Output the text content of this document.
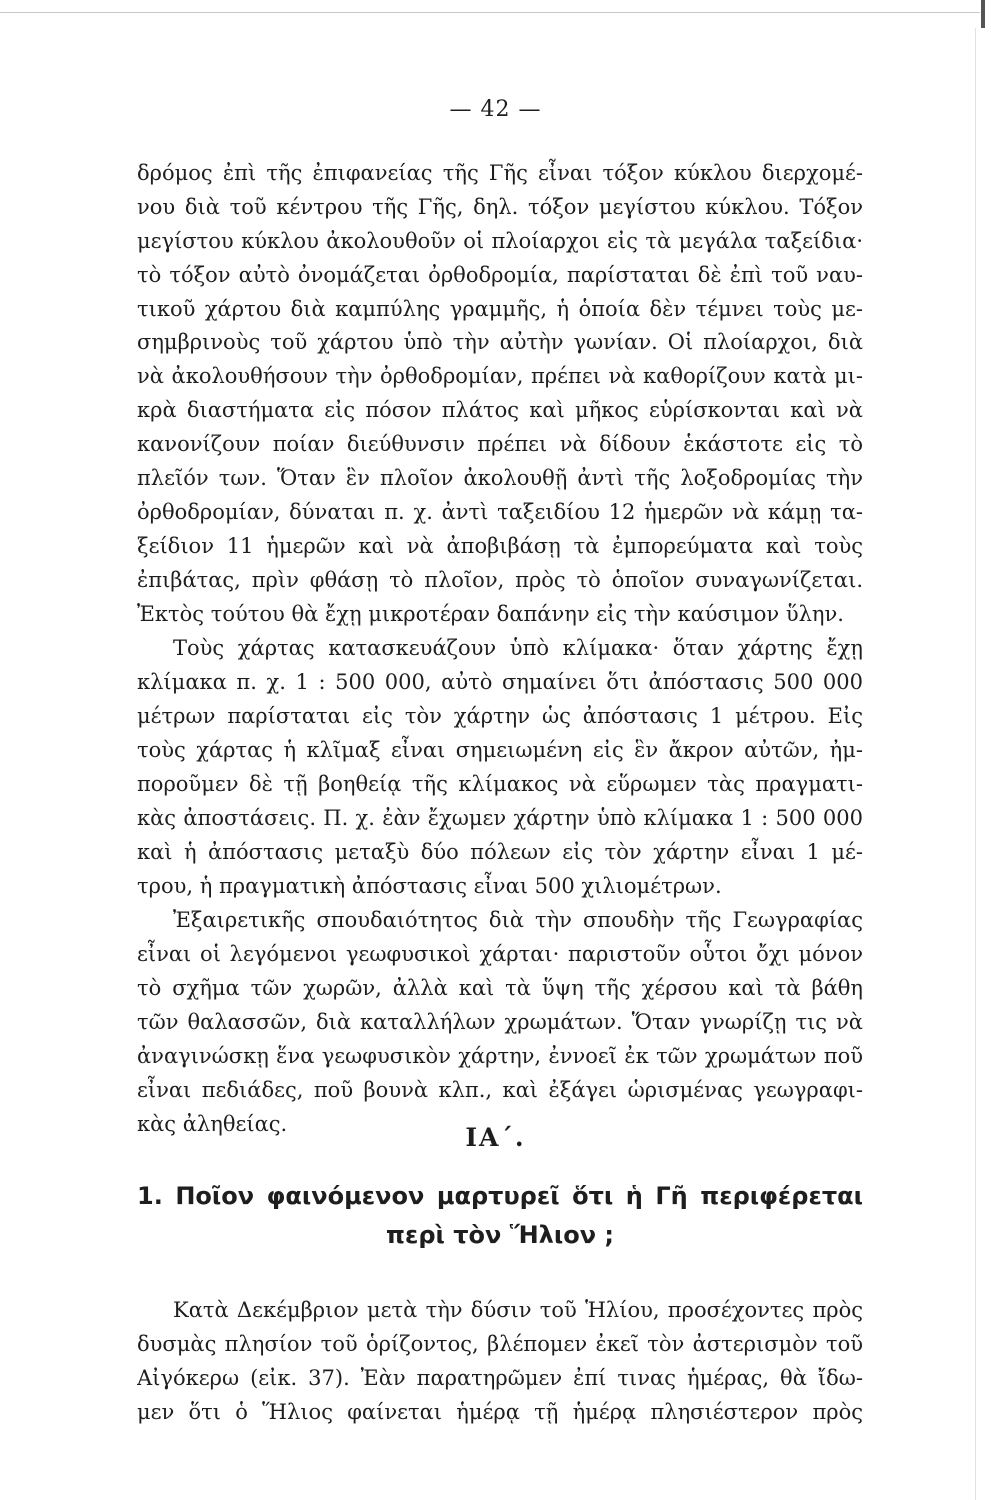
— 42 —
δρόμος ἐπὶ τῆς ἐπιφανείας τῆς Γῆς εἶναι τόξον κύκλου διερχομέ-
νου διὰ τοῦ κέντρου τῆς Γῆς, δηλ. τόξον μεγίστου κύκλου. Τόξον
μεγίστου κύκλου ἀκολουθοῦν οἱ πλοίαρχοι εἰς τὰ μεγάλα ταξείδια·
τὸ τόξον αὐτὸ ὀνομάζεται ὀρθοδρομία, παρίσταται δὲ ἐπὶ τοῦ ναυ-
τικοῦ χάρτου διὰ καμπύλης γραμμῆς, ἡ ὁποία δὲν τέμνει τοὺς με-
σημβρινοὺς τοῦ χάρτου ὑπὸ τὴν αὐτὴν γωνίαν. Οἱ πλοίαρχοι, διὰ
νὰ ἀκολουθήσουν τὴν ὀρθοδρομίαν, πρέπει νὰ καθορίζουν κατὰ μι-
κρὰ διαστήματα εἰς πόσον πλάτος καὶ μῆκος εὑρίσκονται καὶ νὰ
κανονίζουν ποίαν διεύθυνσιν πρέπει νὰ δίδουν ἑκάστοτε εἰς τὸ
πλεῖόν των. Ὅταν ἓν πλοῖον ἀκολουθῇ ἀντὶ τῆς λοξοδρομίας τὴν
ὀρθοδρομίαν, δύναται π. χ. ἀντὶ ταξειδίου 12 ἡμερῶν νὰ κάμῃ τα-
ξείδιον 11 ἡμερῶν καὶ νὰ ἀποβιβάσῃ τὰ ἐμπορεύματα καὶ τοὺς
ἐπιβάτας, πρὶν φθάσῃ τὸ πλοῖον, πρὸς τὸ ὁποῖον συναγωνίζεται.
Ἐκτὸς τούτου θὰ ἔχῃ μικροτέραν δαπάνην εἰς τὴν καύσιμον ὕλην.
Τοὺς χάρτας κατασκευάζουν ὑπὸ κλίμακα· ὅταν χάρτης ἔχῃ
κλίμακα π. χ. 1 : 500 000, αὐτὸ σημαίνει ὅτι ἀπόστασις 500 000
μέτρων παρίσταται εἰς τὸν χάρτην ὡς ἀπόστασις 1 μέτρου. Εἰς
τοὺς χάρτας ἡ κλῖμαξ εἶναι σημειωμένη εἰς ἓν ἄκρον αὐτῶν, ἠμ-
ποροῦμεν δὲ τῇ βοηθείᾳ τῆς κλίμακος νὰ εὕρωμεν τὰς πραγματι-
κὰς ἀποστάσεις. Π. χ. ἐὰν ἔχωμεν χάρτην ὑπὸ κλίμακα 1 : 500 000
καὶ ἡ ἀπόστασις μεταξὺ δύο πόλεων εἰς τὸν χάρτην εἶναι 1 μέ-
τρου, ἡ πραγματικὴ ἀπόστασις εἶναι 500 χιλιομέτρων.
Ἐξαιρετικῆς σπουδαιότητος διὰ τὴν σπουδὴν τῆς Γεωγραφίας
εἶναι οἱ λεγόμενοι γεωφυσικοὶ χάρται· παριστοῦν οὗτοι ὄχι μόνον
τὸ σχῆμα τῶν χωρῶν, ἀλλὰ καὶ τὰ ὕψη τῆς χέρσου καὶ τὰ βάθη
τῶν θαλασσῶν, διὰ καταλλήλων χρωμάτων. Ὅταν γνωρίζῃ τις νὰ
ἀναγινώσκῃ ἕνα γεωφυσικὸν χάρτην, ἐννοεῖ ἐκ τῶν χρωμάτων ποῦ
εἶναι πεδιάδες, ποῦ βουνὰ κλπ., καὶ ἐξάγει ὡρισμένας γεωγραφι-
κὰς ἀληθείας.	ΙΑ΄.
1. Ποῖον φαινόμενον μαρτυρεῖ ὅτι ἡ Γῆ περιφέρεται
περὶ τὸν Ἥλιον ;
Κατὰ Δεκέμβριον μετὰ τὴν δύσιν τοῦ Ἡλίου, προσέχοντες πρὸς
δυσμὰς πλησίον τοῦ ὁρίζοντος, βλέπομεν ἐκεῖ τὸν ἀστερισμὸν τοῦ
Αἰγόκερω (εἰκ. 37). Ἐὰν παρατηρῶμεν ἐπί τινας ἡμέρας, θὰ ἴδω-
μεν ὅτι ὁ Ἥλιος φαίνεται ἡμέρᾳ τῇ ἡμέρᾳ πλησιέστερον πρὸς
